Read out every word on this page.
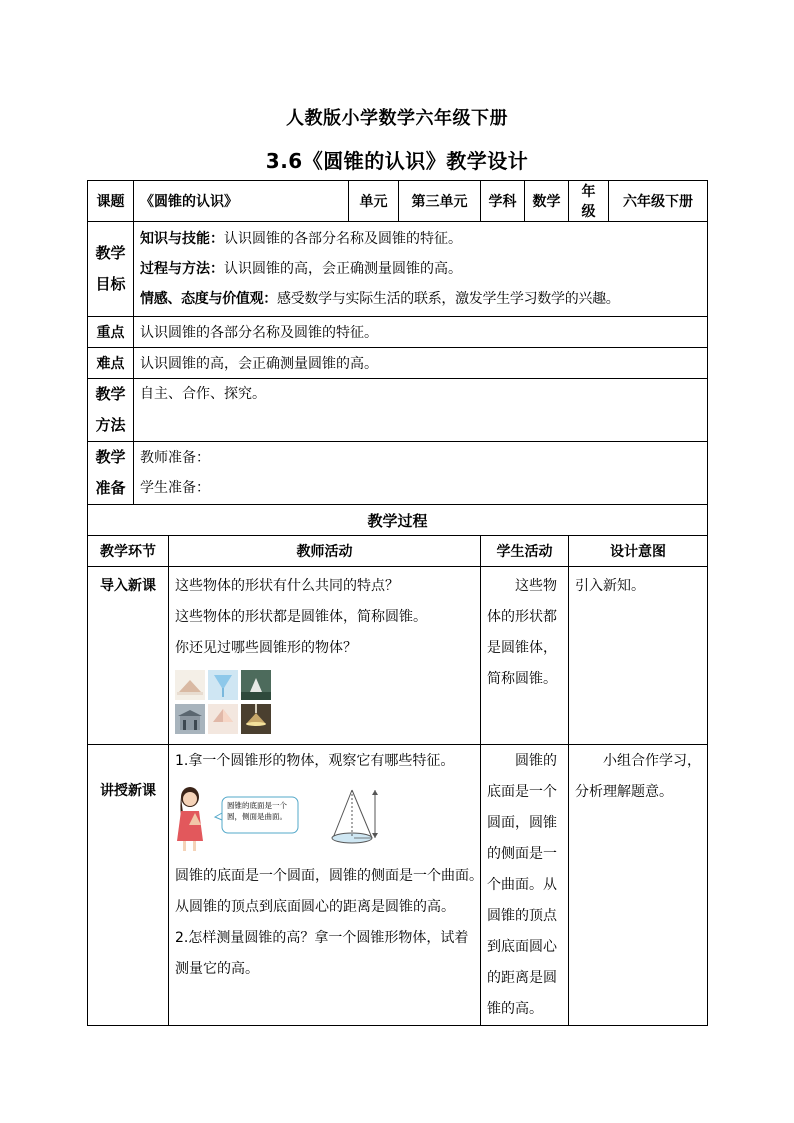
人教版小学数学六年级下册
3.6《圆锥的认识》教学设计
课题	《圆锥的认识》		单元	第三单元	学科	数学	年级	六年级下册
教学目标	知识与技能：认识圆锥的各部分名称及圆锥的特征。
过程与方法：认识圆锥的高，会正确测量圆锥的高。
情感、态度与价值观：感受数学与实际生活的联系，激发学生学习数学的兴趣。							

重点	认识圆锥的各部分名称及圆锥的特征。							
难点	认识圆锥的高，会正确测量圆锥的高。							
教学方法	自主、合作、探究。							
教学准备	教师准备：
学生准备：							

教学过程								
教学环节		教师活动			学生活动		设计意图	
导入新课		这些物体的形状有什么共同的特点？
这些物体的形状都是圆锥体，简称圆锥。
你还见过哪些圆锥形的物体？			　　这些物体的形状都是圆锥体，简称圆锥。		引入新知。	
讲授新课		1.拿一个圆锥形的物体，观察它有哪些特征。
圆锥的底面是一个圆，侧面是曲面。
圆锥的底面是一个圆面，圆锥的侧面是一个曲面。
从圆锥的顶点到底面圆心的距离是圆锥的高。
2.怎样测量圆锥的高？拿一个圆锥形物体，试着测量它的高。			　　圆锥的底面是一个圆面，圆锥的侧面是一个曲面。从圆锥的顶点到底面圆心的距离是圆锥的高。		　　小组合作学习，分析理解题意。	
